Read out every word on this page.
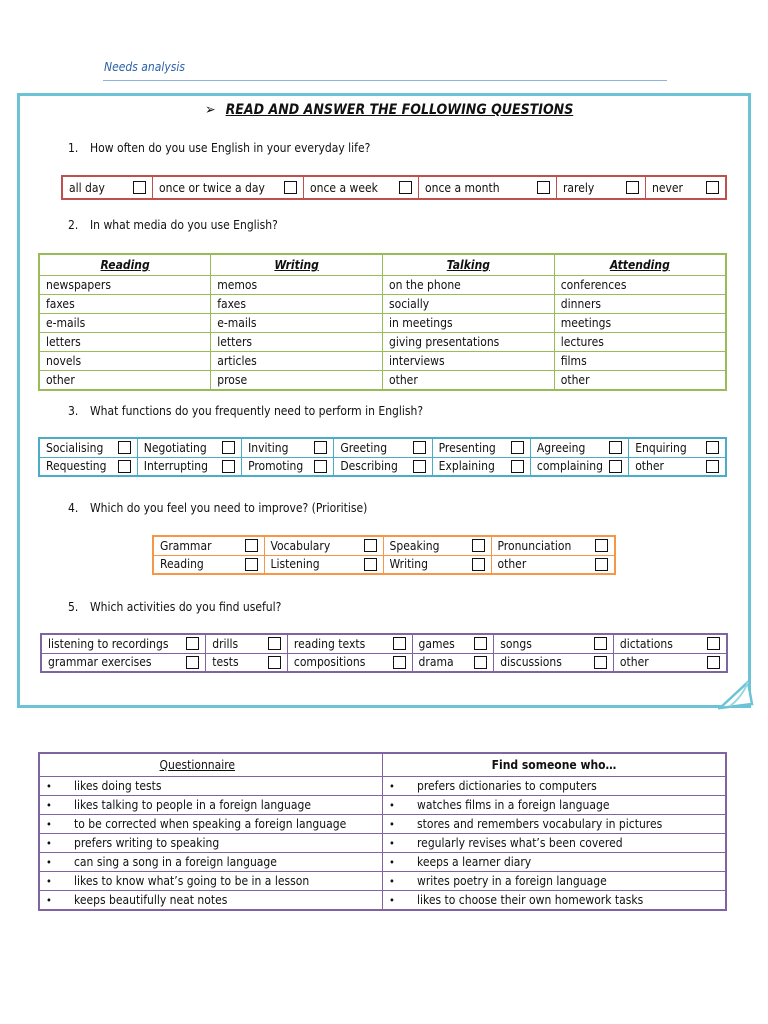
Needs analysis
➢ READ AND ANSWER THE FOLLOWING QUESTIONS
1. How often do you use English in your everyday life?
all day	once or twice a day	once a week	once a month	rarely	never
2. In what media do you use English?
Reading	Writing	Talking	Attending
newspapers	memos	on the phone	conferences
faxes	faxes	socially	dinners
e-mails	e-mails	in meetings	meetings
letters	letters	giving presentations	lectures
novels	articles	interviews	films
other	prose	other	other
3. What functions do you frequently need to perform in English?
Socialising	Negotiating	Inviting	Greeting	Presenting	Agreeing	Enquiring

Requesting	Interrupting	Promoting	Describing	Explaining	complaining	other
4. Which do you feel you need to improve? (Prioritise)
Grammar	Vocabulary	Speaking	Pronunciation

Reading	Listening	Writing	other
5. Which activities do you find useful?
listening to recordings	drills	reading texts	games	songs	dictations

grammar exercises	tests	compositions	drama	discussions	other
Questionnaire	Find someone who…
• likes doing tests	• prefers dictionaries to computers
• likes talking to people in a foreign language	• watches films in a foreign language
• to be corrected when speaking a foreign language	• stores and remembers vocabulary in pictures
• prefers writing to speaking	• regularly revises what’s been covered
• can sing a song in a foreign language	• keeps a learner diary
• likes to know what’s going to be in a lesson	• writes poetry in a foreign language
• keeps beautifully neat notes	• likes to choose their own homework tasks
